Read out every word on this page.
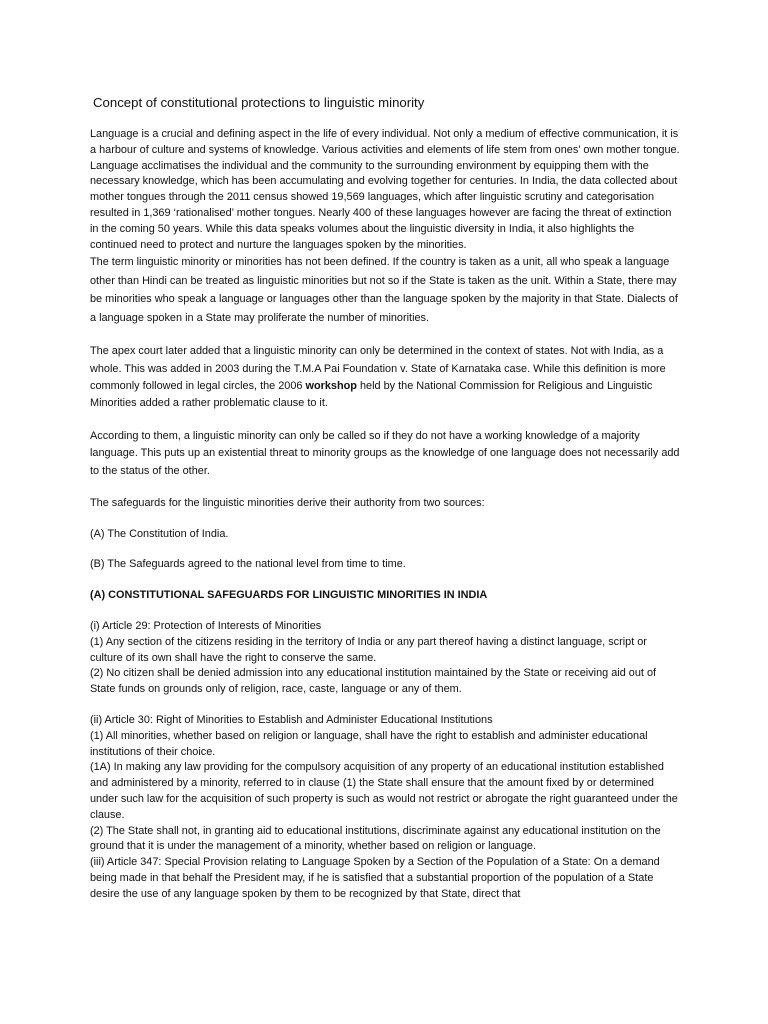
Concept of constitutional protections to linguistic minority

Language is a crucial and defining aspect in the life of every individual. Not only a medium of effective communication, it is a harbour of culture and systems of knowledge. Various activities and elements of life stem from ones’ own mother tongue. Language acclimatises the individual and the community to the surrounding environment by equipping them with the necessary knowledge, which has been accumulating and evolving together for centuries. In India, the data collected about mother tongues through the 2011 census showed 19,569 languages, which after linguistic scrutiny and categorisation resulted in 1,369 ‘rationalised’ mother tongues. Nearly 400 of these languages however are facing the threat of extinction in the coming 50 years. While this data speaks volumes about the linguistic diversity in India, it also highlights the continued need to protect and nurture the languages spoken by the minorities.

The term linguistic minority or minorities has not been defined. If the country is taken as a unit, all who speak a language other than Hindi can be treated as linguistic minorities but not so if the State is taken as the unit. Within a State, there may be minorities who speak a language or languages other than the language spoken by the majority in that State. Dialects of a language spoken in a State may proliferate the number of minorities.

The apex court later added that a linguistic minority can only be determined in the context of states. Not with India, as a whole. This was added in 2003 during the T.M.A Pai Foundation v. State of Karnataka case. While this definition is more commonly followed in legal circles, the 2006 workshop held by the National Commission for Religious and Linguistic Minorities added a rather problematic clause to it.

According to them, a linguistic minority can only be called so if they do not have a working knowledge of a majority language. This puts up an existential threat to minority groups as the knowledge of one language does not necessarily add to the status of the other.

The safeguards for the linguistic minorities derive their authority from two sources:

(A) The Constitution of India.

(B) The Safeguards agreed to the national level from time to time.

(A) CONSTITUTIONAL SAFEGUARDS FOR LINGUISTIC MINORITIES IN INDIA

(i) Article 29: Protection of Interests of Minorities

(1) Any section of the citizens residing in the territory of India or any part thereof having a distinct language, script or culture of its own shall have the right to conserve the same.

(2) No citizen shall be denied admission into any educational institution maintained by the State or receiving aid out of State funds on grounds only of religion, race, caste, language or any of them.

(ii) Article 30: Right of Minorities to Establish and Administer Educational Institutions

(1) All minorities, whether based on religion or language, shall have the right to establish and administer educational institutions of their choice.

(1A) In making any law providing for the compulsory acquisition of any property of an educational institution established and administered by a minority, referred to in clause (1) the State shall ensure that the amount fixed by or determined under such law for the acquisition of such property is such as would not restrict or abrogate the right guaranteed under the clause.

(2) The State shall not, in granting aid to educational institutions, discriminate against any educational institution on the ground that it is under the management of a minority, whether based on religion or language.

(iii) Article 347: Special Provision relating to Language Spoken by a Section of the Population of a State: On a demand being made in that behalf the President may, if he is satisfied that a substantial proportion of the population of a State desire the use of any language spoken by them to be recognized by that State, direct that
